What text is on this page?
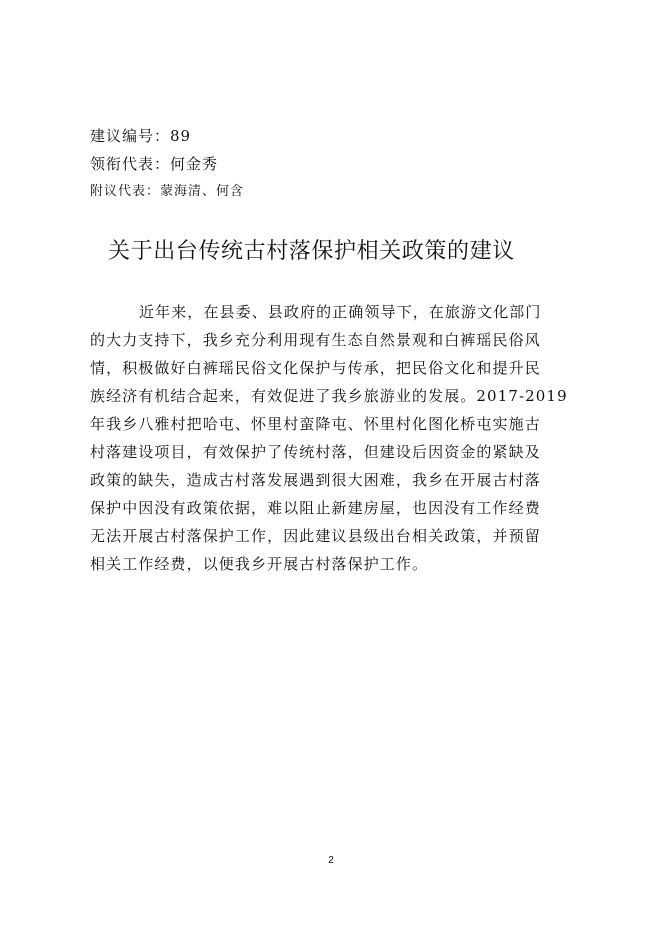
建议编号：89
领衔代表：何金秀
附议代表：蒙海清、何含
关于出台传统古村落保护相关政策的建议
近年来，在县委、县政府的正确领导下，在旅游文化部门
的大力支持下，我乡充分利用现有生态自然景观和白裤瑶民俗风
情，积极做好白裤瑶民俗文化保护与传承，把民俗文化和提升民
族经济有机结合起来，有效促进了我乡旅游业的发展。2017-2019
年我乡八雅村把哈屯、怀里村蛮降屯、怀里村化图化桥屯实施古
村落建设项目，有效保护了传统村落，但建设后因资金的紧缺及
政策的缺失，造成古村落发展遇到很大困难，我乡在开展古村落
保护中因没有政策依据，难以阻止新建房屋，也因没有工作经费
无法开展古村落保护工作，因此建议县级出台相关政策，并预留
相关工作经费，以便我乡开展古村落保护工作。
2
